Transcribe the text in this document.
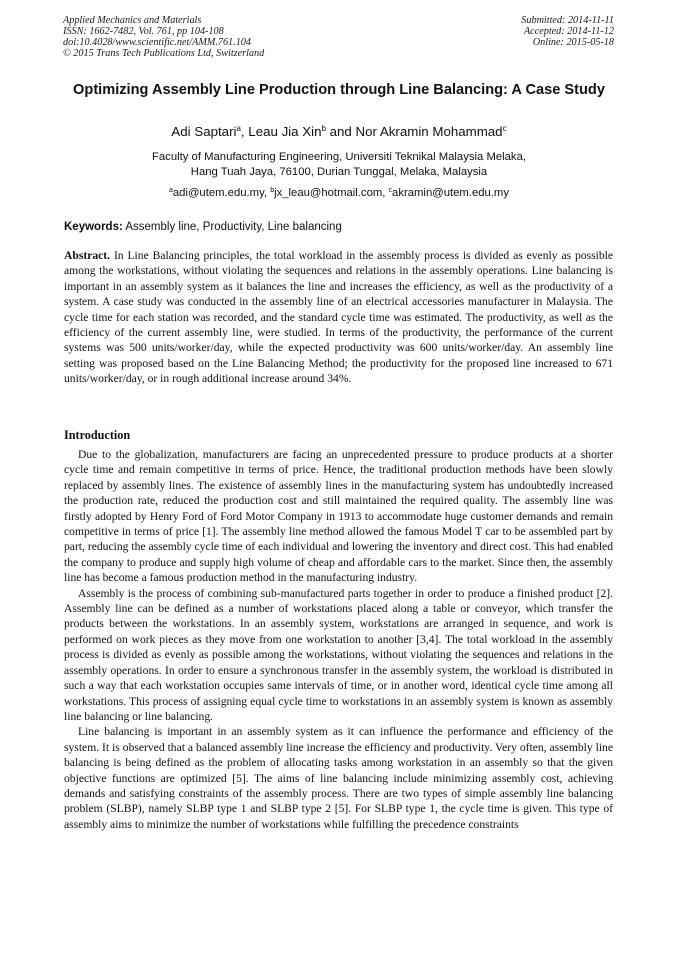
Applied Mechanics and Materials
ISSN: 1662-7482, Vol. 761, pp 104-108
doi:10.4028/www.scientific.net/AMM.761.104
© 2015 Trans Tech Publications Ltd, Switzerland
Submitted: 2014-11-11
Accepted: 2014-11-12
Online: 2015-05-18
Optimizing Assembly Line Production through Line Balancing: A Case Study
Adi Saptari$^a$, Leau Jia Xin$^b$ and Nor Akramin Mohammad$^c$
Faculty of Manufacturing Engineering, Universiti Teknikal Malaysia Melaka,
Hang Tuah Jaya, 76100, Durian Tunggal, Melaka, Malaysia
$^a$adi@utem.edu.my, $^b$jx_leau@hotmail.com, $^c$akramin@utem.edu.my
Keywords: Assembly line, Productivity, Line balancing

Abstract. In Line Balancing principles, the total workload in the assembly process is divided as evenly as possible among the workstations, without violating the sequences and relations in the assembly operations. Line balancing is important in an assembly system as it balances the line and increases the efficiency, as well as the productivity of a system. A case study was conducted in the assembly line of an electrical accessories manufacturer in Malaysia. The cycle time for each station was recorded, and the standard cycle time was estimated. The productivity, as well as the efficiency of the current assembly line, were studied. In terms of the productivity, the performance of the current systems was 500 units/worker/day, while the expected productivity was 600 units/worker/day. An assembly line setting was proposed based on the Line Balancing Method; the productivity for the proposed line increased to 671 units/worker/day, or in rough additional increase around 34%.

Introduction

Due to the globalization, manufacturers are facing an unprecedented pressure to produce products at a shorter cycle time and remain competitive in terms of price. Hence, the traditional production methods have been slowly replaced by assembly lines. The existence of assembly lines in the manufacturing system has undoubtedly increased the production rate, reduced the production cost and still maintained the required quality. The assembly line was firstly adopted by Henry Ford of Ford Motor Company in 1913 to accommodate huge customer demands and remain competitive in terms of price [1]. The assembly line method allowed the famous Model T car to be assembled part by part, reducing the assembly cycle time of each individual and lowering the inventory and direct cost. This had enabled the company to produce and supply high volume of cheap and affordable cars to the market. Since then, the assembly line has become a famous production method in the manufacturing industry.

Assembly is the process of combining sub-manufactured parts together in order to produce a finished product [2]. Assembly line can be defined as a number of workstations placed along a table or conveyor, which transfer the products between the workstations. In an assembly system, workstations are arranged in sequence, and work is performed on work pieces as they move from one workstation to another [3,4]. The total workload in the assembly process is divided as evenly as possible among the workstations, without violating the sequences and relations in the assembly operations. In order to ensure a synchronous transfer in the assembly system, the workload is distributed in such a way that each workstation occupies same intervals of time, or in another word, identical cycle time among all workstations. This process of assigning equal cycle time to workstations in an assembly system is known as assembly line balancing or line balancing.

Line balancing is important in an assembly system as it can influence the performance and efficiency of the system. It is observed that a balanced assembly line increase the efficiency and productivity. Very often, assembly line balancing is being defined as the problem of allocating tasks among workstation in an assembly so that the given objective functions are optimized [5]. The aims of line balancing include minimizing assembly cost, achieving demands and satisfying constraints of the assembly process. There are two types of simple assembly line balancing problem (SLBP), namely SLBP type 1 and SLBP type 2 [5]. For SLBP type 1, the cycle time is given. This type of assembly aims to minimize the number of workstations while fulfilling the precedence constraints
